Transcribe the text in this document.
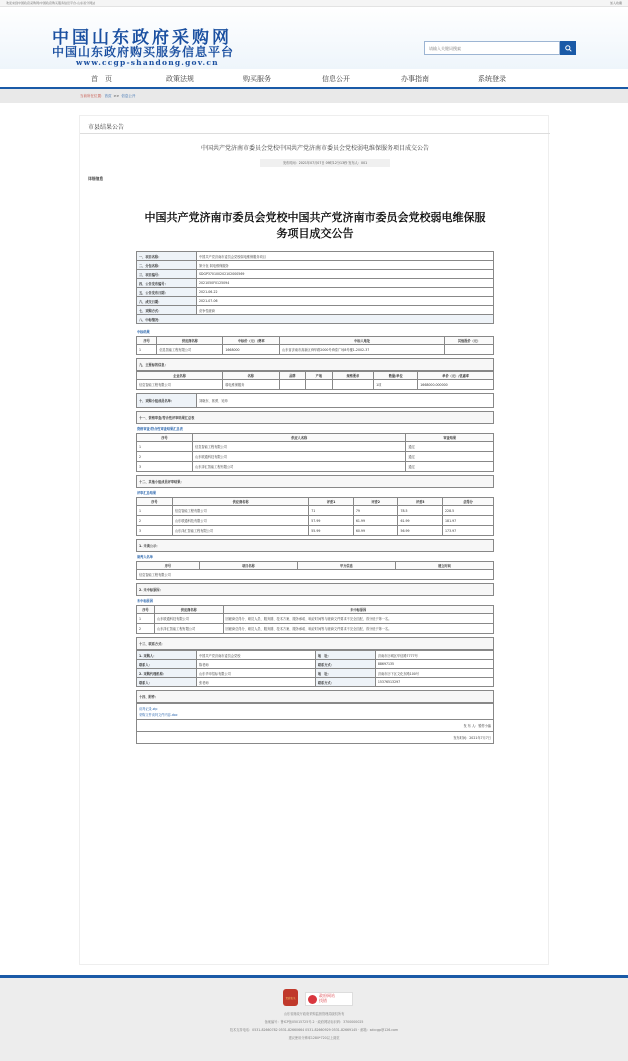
欢迎来到中国政府采购网/中国政府购买服务信息平台-山东省分网站	加入收藏
中国山东政府采购网
中国山东政府购买服务信息平台
www.ccgp-shandong.gov.cn
请输入关键词搜索
首　页	政策法规	购买服务	信息公开	办事指南	系统登录
当前所在位置： 首页 >> 信息公开
市县结果公告
中国共产党济南市委员会党校中国共产党济南市委员会党校弱电维保服务项目成交公告
发布时间：2021年07月07日 09时12分13秒 发布人：001
详细信息
中国共产党济南市委员会党校中国共产党济南市委员会党校弱电维保服务项目成交公告
一、项目名称：	中国共产党济南市委员会党校弱电维保服务项目
二、分包名称：	第分包 弱电维保服务
三、项目编号：	SDGP370100202102000569
四、公告发布编号：	2021050F0125094
五、公告发布日期：	2021-06-22
六、成交日期：	2021-07-06
七、采购方式：	竞争性磋商
八、中标情况：	
中标结果
序号	供应商名称	中标价（元）/费率	中标人地址	其他报价（元）
1	信息智能工程有限公司	1668000	山东省济南市高新区舜华路2000号舜泰广场8号楼1-2002-37	
九、主要标的信息：
企业名称	名称	品牌	产地	规格要求	数量/单位	单价（元）/优惠率
信息智能工程有限公司	弱电维保服务				1项	1668000.000000
十、采购小组成员名单：	刘晓东、郭勇、吴帅
十一、资格审查/符合性评审结果汇总表
资格审查/符合性审查结果汇总表
序号	供应人名称	审查结果
1	信息智能工程有限公司	通过
2	山东联通科技有限公司	通过
3	山东泽汇智能工程有限公司	通过
十二、其他小组成员评审结果：
评审汇总结果
序号	供应商名称	评委1	评委2	评委3	总得分
1	信息智能工程有限公司	71	79	78.5	228.5
2	山东联通科技有限公司	57.99	61.99	61.99	181.97
3	山东泽汇智能工程有限公司	55.99	60.99	56.99	173.97
1. 未谈公示：
谈判人名单
序号	项目名称	甲方信息	建立时间
信息智能工程有限公司
2. 未中标原因：
未中标原因
序号	供应商名称	未中标原因
1	山东联通科技有限公司	因磋商总得分、职员人员、服务期、技术方案、服务承诺、响应时间等与磋商文件要求不完全匹配，得分低于第一名。
2	山东泽汇智能工程有限公司	因磋商总得分、职员人员、服务期、技术方案、服务承诺、响应时间等与磋商文件要求不完全匹配，得分低于第一名。
十三、联系方式：
1. 采购人：	中国共产党济南市委员会党校	地　址：	济南市历城区华信路7777号
联系人：	陈老师	联系方式：	88697135
2. 采购代理机构：	山东华申招标有限公司	地　址：	济南市历下区文化东路100号
联系人：	张老师	联系方式：	15376513297
十四、附件：
谈判记录.zip
采购文件谈判文件内容.doc

发 布 人：暂停小编
发布时间：2021年7月7日
党政机关
政府网站
找错
山东省财政厅政府采购监督管理局版权所有
备案编号：鲁ICP备05015725号-2 · 政府网站标识码：3700000025
技术支持电话：0531-82660782 0531-82660664 0531-82660929 0531-82669145 · 邮箱：sdccgp@126.com
建议使用分辨率1280*720以上浏览
